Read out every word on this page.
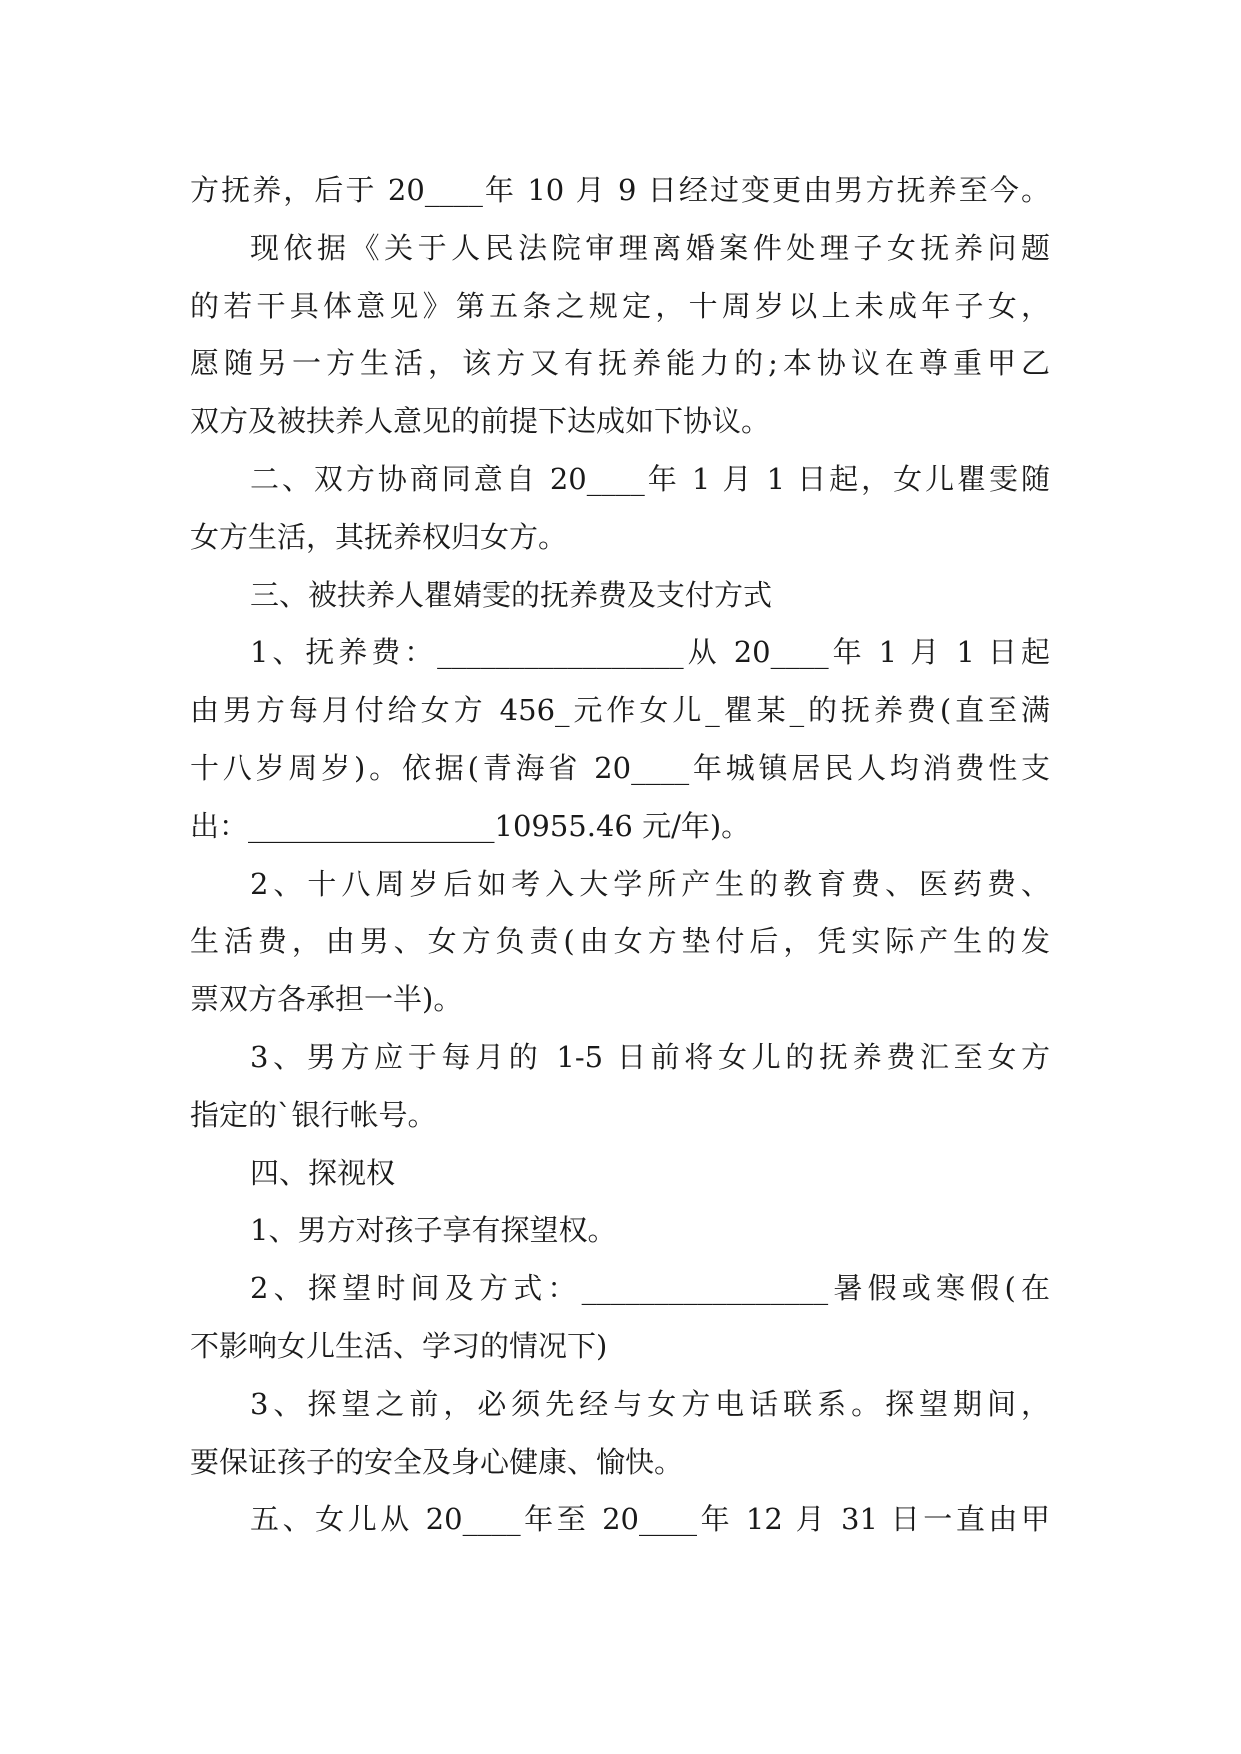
方抚养，后于 20____年 10 月 9 日经过变更由男方抚养至今。
现依据《关于人民法院审理离婚案件处理子女抚养问题
的若干具体意见》第五条之规定，十周岁以上未成年子女，
愿随另一方生活，该方又有抚养能力的;本协议在尊重甲乙
双方及被扶养人意见的前提下达成如下协议。
二、双方协商同意自 20____年 1 月 1 日起，女儿瞿雯随
女方生活，其抚养权归女方。
三、被扶养人瞿婧雯的抚养费及支付方式
1、抚养费：_________________从 20____年 1 月 1 日起
由男方每月付给女方 456_元作女儿_瞿某_的抚养费(直至满
十八岁周岁)。依据(青海省 20____年城镇居民人均消费性支
出：_________________10955.46 元/年)。
2、十八周岁后如考入大学所产生的教育费、医药费、
生活费，由男、女方负责(由女方垫付后，凭实际产生的发
票双方各承担一半)。
3、男方应于每月的 1-5 日前将女儿的抚养费汇至女方
指定的`银行帐号。
四、探视权
1、男方对孩子享有探望权。
2、探望时间及方式：_________________暑假或寒假(在
不影响女儿生活、学习的情况下)
3、探望之前，必须先经与女方电话联系。探望期间，
要保证孩子的安全及身心健康、愉快。
五、女儿从 20____年至 20____年 12 月 31 日一直由甲
